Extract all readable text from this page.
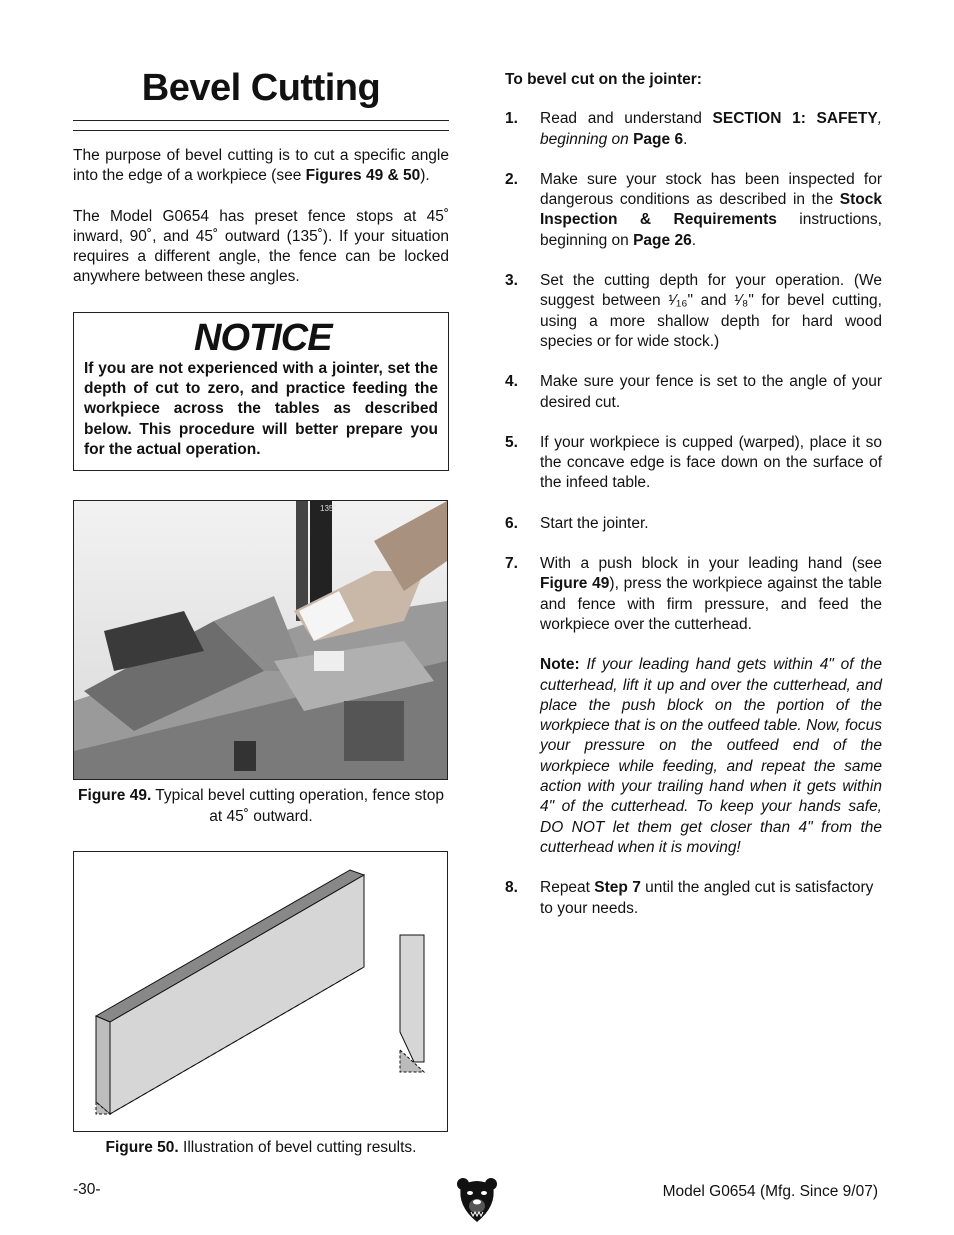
Bevel Cutting

The purpose of bevel cutting is to cut a specific angle into the edge of a workpiece (see Figures 49 & 50).

The Model G0654 has preset fence stops at 45˚ inward, 90˚, and 45˚ outward (135˚). If your situation requires a different angle, the fence can be locked anywhere between these angles.

NOTICE
If you are not experienced with a jointer, set the depth of cut to zero, and practice feeding the workpiece across the tables as described below. This procedure will better prepare you for the actual operation.
135˚
Figure 49. Typical bevel cutting operation, fence stop at 45˚ outward.
Figure 50. Illustration of bevel cutting results.

To bevel cut on the jointer:

1.	Read and understand SECTION 1: SAFETY, beginning on Page 6.
2.	Make sure your stock has been inspected for dangerous conditions as described in the Stock Inspection & Requirements instructions, beginning on Page 26.
3.	Set the cutting depth for your operation. (We suggest between ¹⁄₁₆" and ¹⁄₈" for bevel cutting, using a more shallow depth for hard wood species or for wide stock.)
4.	Make sure your fence is set to the angle of your desired cut.
5.	If your workpiece is cupped (warped), place it so the concave edge is face down on the surface of the infeed table.
6.	Start the jointer.
7.	With a push block in your leading hand (see Figure 49), press the workpiece against the table and fence with firm pressure, and feed the workpiece over the cutterhead.
Note: If your leading hand gets within 4" of the cutterhead, lift it up and over the cutterhead, and place the push block on the portion of the workpiece that is on the outfeed table. Now, focus your pressure on the outfeed end of the workpiece while feeding, and repeat the same action with your trailing hand when it gets within 4" of the cutterhead. To keep your hands safe, DO NOT let them get closer than 4" from the cutterhead when it is moving!
8.	Repeat Step 7 until the angled cut is satisfactory to your needs.
-30-	Model G0654 (Mfg. Since 9/07)
